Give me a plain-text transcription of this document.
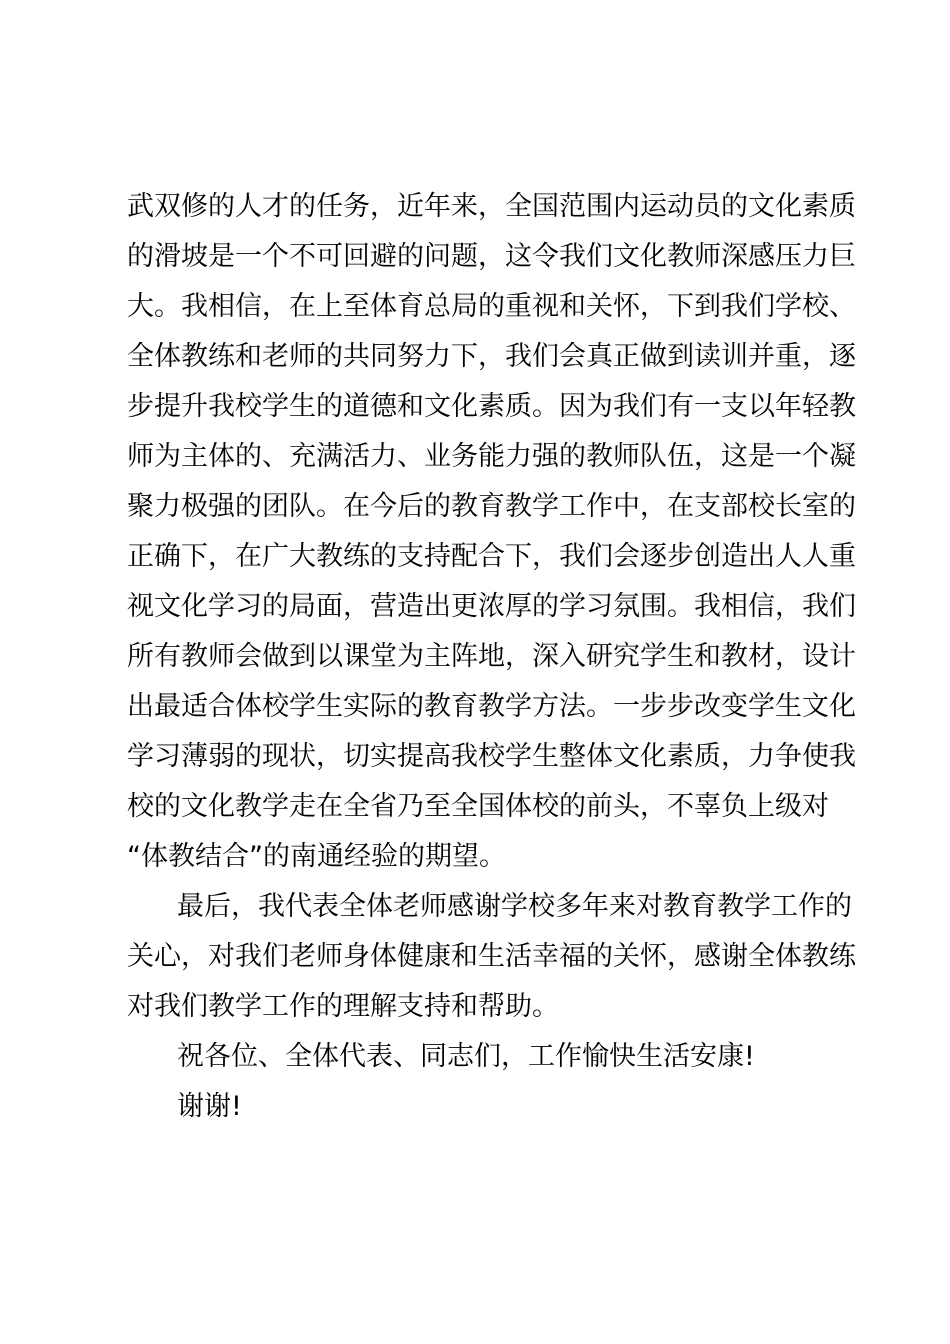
武双修的人才的任务，近年来，全国范围内运动员的文化素质
的滑坡是一个不可回避的问题，这令我们文化教师深感压力巨
大。我相信，在上至体育总局的重视和关怀，下到我们学校、
全体教练和老师的共同努力下，我们会真正做到读训并重，逐
步提升我校学生的道德和文化素质。因为我们有一支以年轻教
师为主体的、充满活力、业务能力强的教师队伍，这是一个凝
聚力极强的团队。在今后的教育教学工作中，在支部校长室的
正确下，在广大教练的支持配合下，我们会逐步创造出人人重
视文化学习的局面，营造出更浓厚的学习氛围。我相信，我们
所有教师会做到以课堂为主阵地，深入研究学生和教材，设计
出最适合体校学生实际的教育教学方法。一步步改变学生文化
学习薄弱的现状，切实提高我校学生整体文化素质，力争使我
校的文化教学走在全省乃至全国体校的前头，不辜负上级对
“体教结合”的南通经验的期望。
最后，我代表全体老师感谢学校多年来对教育教学工作的
关心，对我们老师身体健康和生活幸福的关怀，感谢全体教练
对我们教学工作的理解支持和帮助。
祝各位、全体代表、同志们，工作愉快生活安康!
谢谢!
